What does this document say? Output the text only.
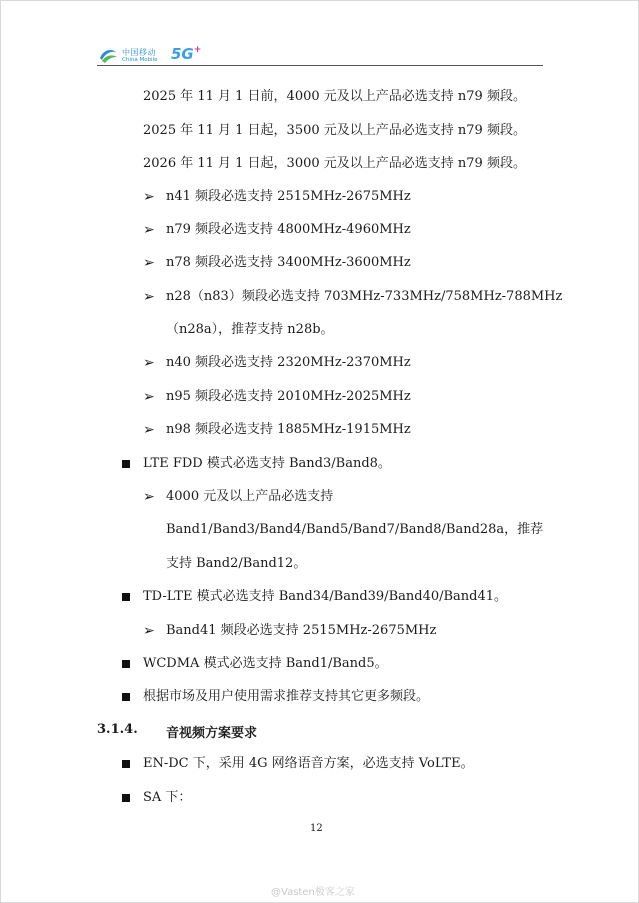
中国移动
China Mobile 5G+
2025 年 11 月 1 日前，4000 元及以上产品必选支持 n79 频段。
2025 年 11 月 1 日起，3500 元及以上产品必选支持 n79 频段。
2026 年 11 月 1 日起，3000 元及以上产品必选支持 n79 频段。
➢ n41 频段必选支持 2515MHz-2675MHz
➢ n79 频段必选支持 4800MHz-4960MHz
➢ n78 频段必选支持 3400MHz-3600MHz
➢ n28（n83）频段必选支持 703MHz-733MHz/758MHz-788MHz
（n28a），推荐支持 n28b。
➢ n40 频段必选支持 2320MHz-2370MHz
➢ n95 频段必选支持 2010MHz-2025MHz
➢ n98 频段必选支持 1885MHz-1915MHz
LTE FDD 模式必选支持 Band3/Band8。
➢ 4000 元及以上产品必选支持
Band1/Band3/Band4/Band5/Band7/Band8/Band28a，推荐
支持 Band2/Band12。
TD-LTE 模式必选支持 Band34/Band39/Band40/Band41。
➢ Band41 频段必选支持 2515MHz-2675MHz
WCDMA 模式必选支持 Band1/Band5。
根据市场及用户使用需求推荐支持其它更多频段。
3.1.4. 音视频方案要求
EN-DC 下，采用 4G 网络语音方案，必选支持 VoLTE。
SA 下：
12
@Vasten极客之家
